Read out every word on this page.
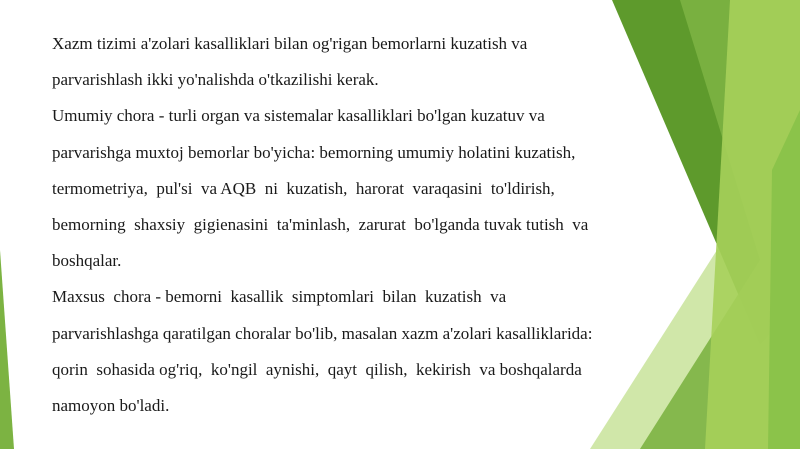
Xazm tizimi a'zolari kasalliklari bilan og'rigan bemorlarni kuzatish va
parvarishlash ikki yo'nalishda o'tkazilishi kerak.
Umumiy chora - turli organ va sistemalar kasalliklari bo'lgan kuzatuv va
parvarishga muxtoj bemorlar bo'yicha: bemorning umumiy holatini kuzatish,
termometriya,  pul'si  va AQB  ni  kuzatish,  harorat  varaqasini  to'ldirish,
bemorning  shaxsiy  gigienasini  ta'minlash,  zarurat  bo'lganda tuvak tutish  va
boshqalar.
Maxsus  chora - bemorni  kasallik  simptomlari  bilan  kuzatish  va
parvarishlashga qaratilgan choralar bo'lib, masalan xazm a'zolari kasalliklarida:
qorin  sohasida og'riq,  ko'ngil  aynishi,  qayt  qilish,  kekirish  va boshqalarda
namoyon bo'ladi.
